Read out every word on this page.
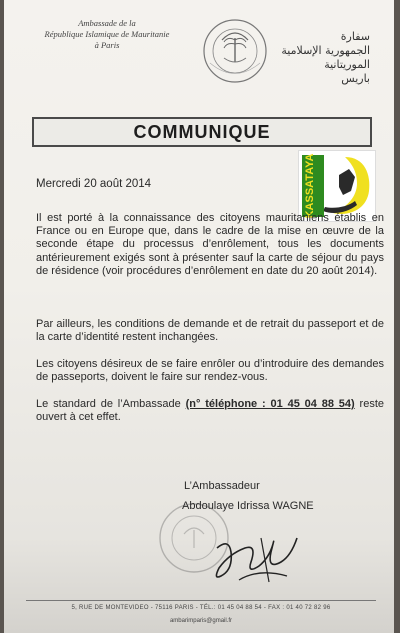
Ambassade de la
République Islamique de Mauritanie
à Paris
سفارة
الجمهورية الإسلامية الموريتانية
باريس
COMMUNIQUE
KASSATAYA
Mercredi 20 août 2014
Il est porté à la connaissance des citoyens mauritaniens établis en France ou en Europe que, dans le cadre de la mise en œuvre de la seconde étape du processus d’enrôlement, tous les documents antérieurement exigés sont à présenter sauf la carte de séjour du pays de résidence (voir procédures d’enrôlement en date du 20 août 2014).
Par ailleurs, les conditions de demande et de retrait du passeport et de la carte d’identité restent inchangées.
Les citoyens désireux de se faire enrôler ou d’introduire des demandes de passeports, doivent le faire sur rendez-vous.
Le standard de l’Ambassade (n° téléphone : 01 45 04 88 54) reste ouvert à cet effet.
L’Ambassadeur
Abdoulaye Idrissa WAGNE
5, RUE DE MONTEVIDEO - 75116 PARIS - TÉL.: 01 45 04 88 54 - FAX : 01 40 72 82 96
ambarimparis@gmail.fr
